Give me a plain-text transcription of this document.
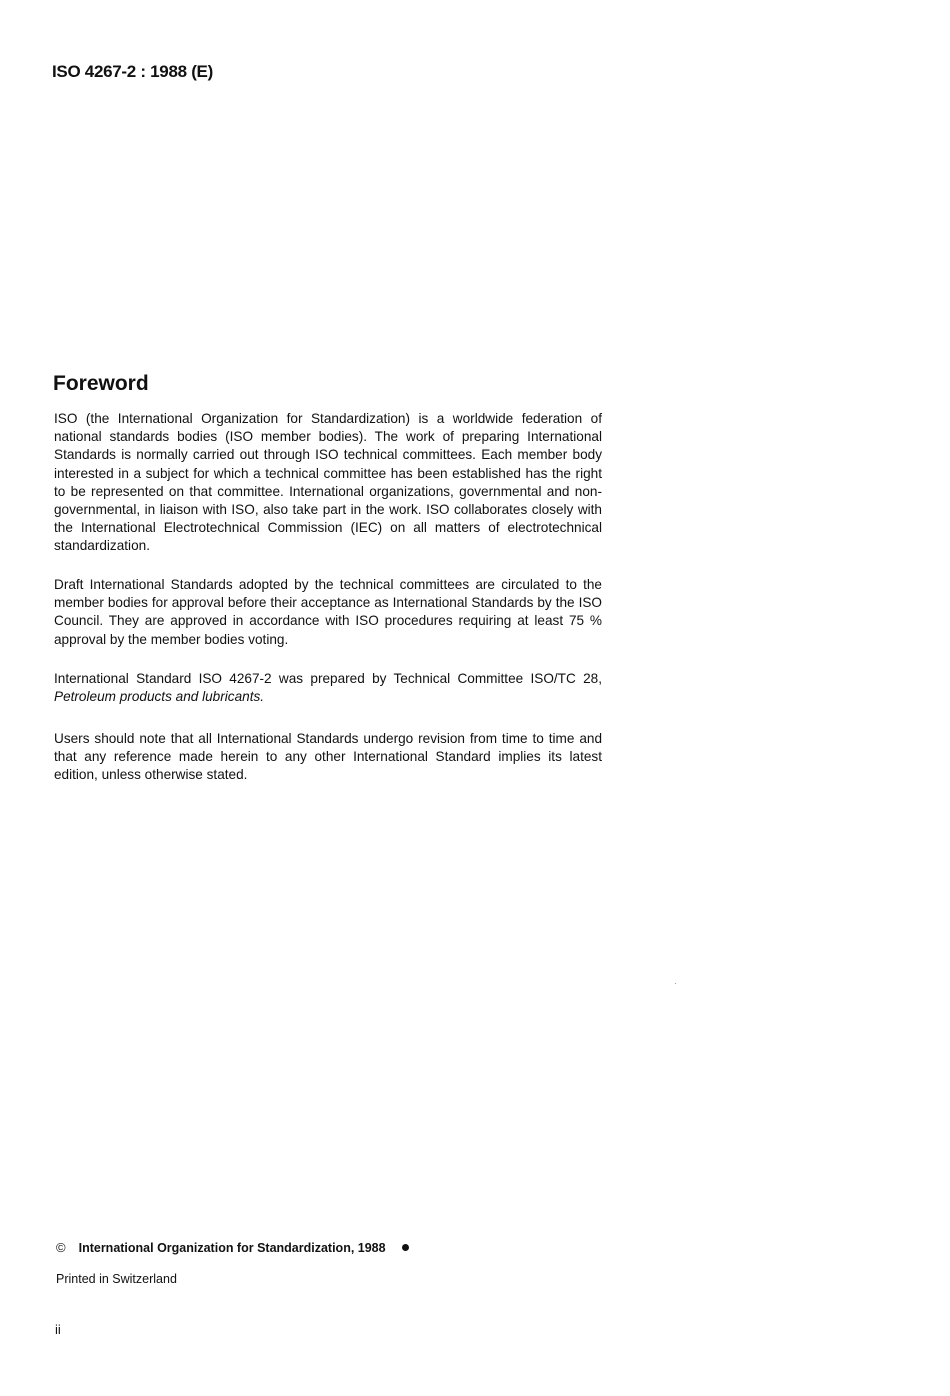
ISO 4267-2 : 1988 (E)
Foreword

ISO (the International Organization for Standardization) is a worldwide federation of national standards bodies (ISO member bodies). The work of preparing International Standards is normally carried out through ISO technical committees. Each member body interested in a subject for which a technical committee has been established has the right to be represented on that committee. International organizations, governmental and non-governmental, in liaison with ISO, also take part in the work. ISO collaborates closely with the International Electrotechnical Commission (IEC) on all matters of electrotechnical standardization.

Draft International Standards adopted by the technical committees are circulated to the member bodies for approval before their acceptance as International Standards by the ISO Council. They are approved in accordance with ISO procedures requiring at least 75 % approval by the member bodies voting.

International Standard ISO 4267-2 was prepared by Technical Committee ISO/TC 28, Petroleum products and lubricants.

Users should note that all International Standards undergo revision from time to time and that any reference made herein to any other International Standard implies its latest edition, unless otherwise stated.

© International Organization for Standardization, 1988
Printed in Switzerland
ii
